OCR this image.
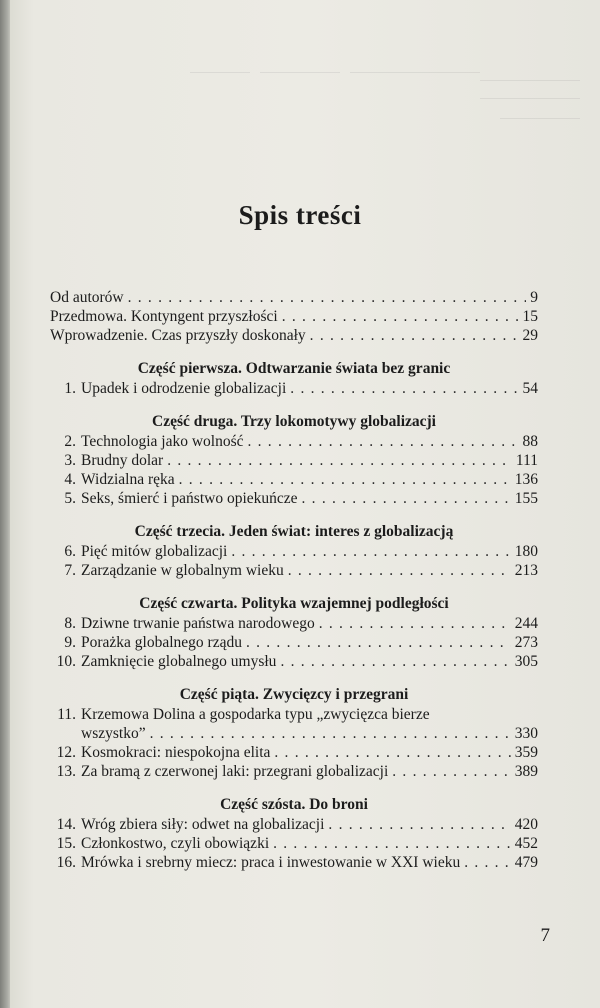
Spis treści
Od autorów . . .	9
Przedmowa. Kontyngent przyszłości . . .	15
Wprowadzenie. Czas przyszły doskonały . . .	29
Część pierwsza. Odtwarzanie świata bez granic
1. Upadek i odrodzenie globalizacji . . .	54
Część druga. Trzy lokomotywy globalizacji
2. Technologia jako wolność . . .	88
3. Brudny dolar . . .	111
4. Widzialna ręka . . .	136
5. Seks, śmierć i państwo opiekuńcze . . .	155
Część trzecia. Jeden świat: interes z globalizacją
6. Pięć mitów globalizacji . . .	180
7. Zarządzanie w globalnym wieku . . .	213
Część czwarta. Polityka wzajemnej podległości
8. Dziwne trwanie państwa narodowego . . .	244
9. Porażka globalnego rządu . . .	273
10. Zamknięcie globalnego umysłu . . .	305
Część piąta. Zwycięzcy i przegrani
11. Krzemowa Dolina a gospodarka typu „zwycięzca bierze
wszystko” . . .	330
12. Kosmokraci: niespokojna elita . . .	359
13. Za bramą z czerwonej laki: przegrani globalizacji . . .	389
Część szósta. Do broni
14. Wróg zbiera siły: odwet na globalizacji . . .	420
15. Członkostwo, czyli obowiązki . . .	452
16. Mrówka i srebrny miecz: praca i inwestowanie w XXI wieku . . .	479
7
